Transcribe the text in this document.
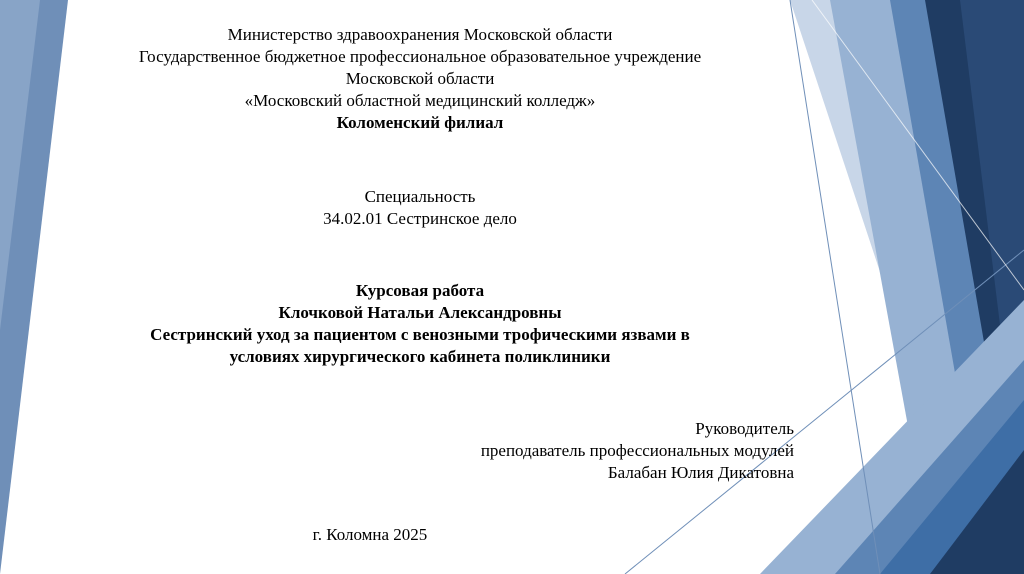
Министерство здравоохранения Московской области
Государственное бюджетное профессиональное образовательное учреждение
Московской области
«Московский областной медицинский колледж»
Коломенский филиал
Специальность
34.02.01 Сестринское дело
Курсовая работа
Клочковой Натальи Александровны
Сестринский уход за пациентом с венозными трофическими язвами в
условиях хирургического кабинета поликлиники
Руководитель
преподаватель профессиональных модулей
Балабан Юлия Дикатовна
г. Коломна 2025
